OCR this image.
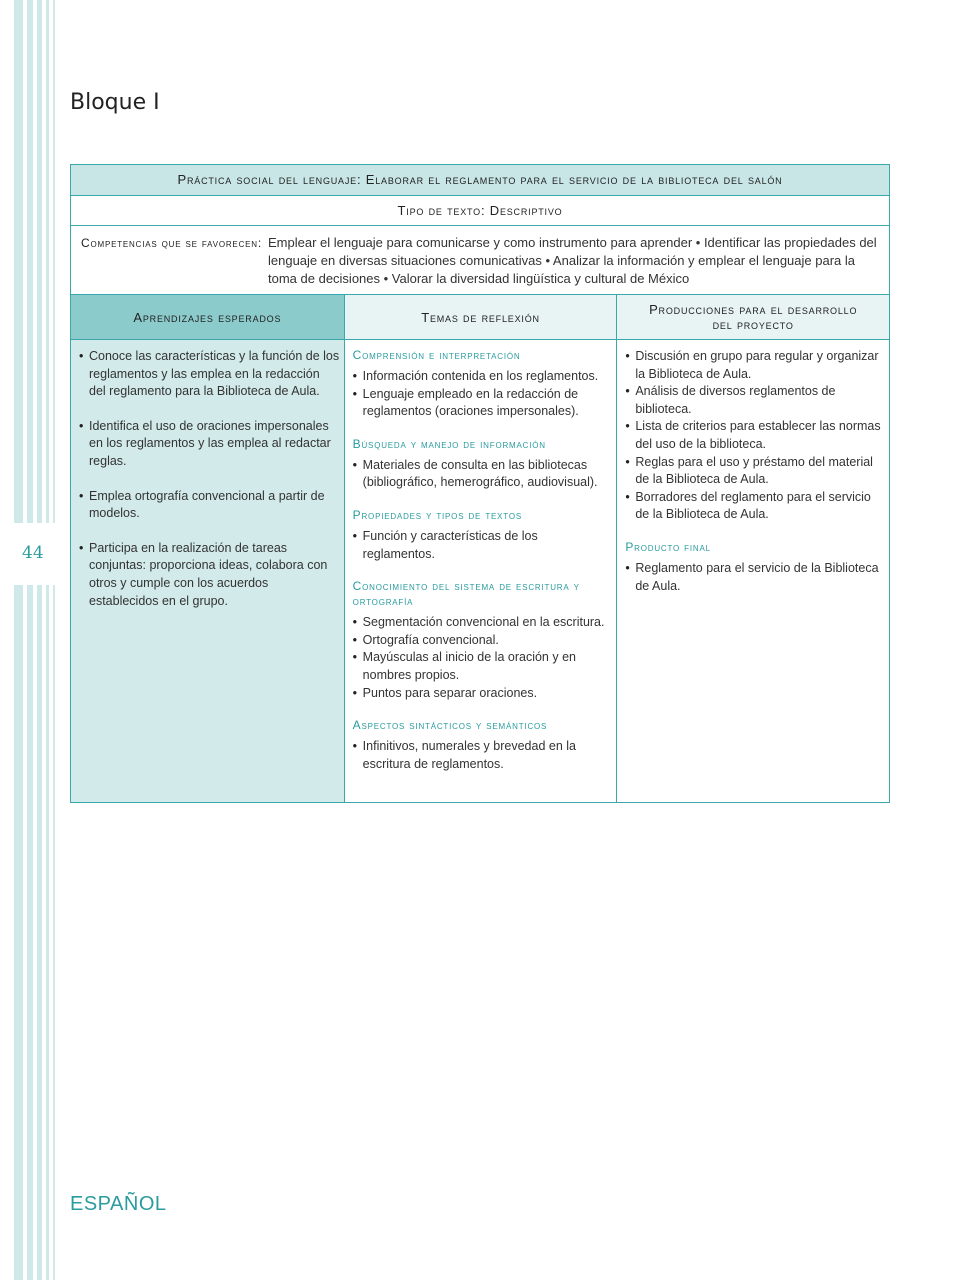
44
Bloque I
Práctica social del lenguaje: Elaborar el reglamento para el servicio de la biblioteca del salón
Tipo de texto: Descriptivo
Competencias que se favorecen: Emplear el lenguaje para comunicarse y como instrumento para aprender • Identificar las propiedades del lenguaje en diversas situaciones comunicativas • Analizar la información y emplear el lenguaje para la toma de decisiones • Valorar la diversidad lingüística y cultural de México
Aprendizajes esperados
• Conoce las características y la función de los reglamentos y las emplea en la redacción del reglamento para la Biblioteca de Aula.
• Identifica el uso de oraciones impersonales en los reglamentos y las emplea al redactar reglas.
• Emplea ortografía convencional a partir de modelos.
• Participa en la realización de tareas conjuntas: proporciona ideas, colabora con otros y cumple con los acuerdos establecidos en el grupo.
Temas de reflexión
Comprensión e interpretación
• Información contenida en los reglamentos.
• Lenguaje empleado en la redacción de reglamentos (oraciones impersonales).
Búsqueda y manejo de información
• Materiales de consulta en las bibliotecas (bibliográfico, hemerográfico, audiovisual).
Propiedades y tipos de textos
• Función y características de los reglamentos.
Conocimiento del sistema de escritura y ortografía
• Segmentación convencional en la escritura.
• Ortografía convencional.
• Mayúsculas al inicio de la oración y en nombres propios.
• Puntos para separar oraciones.
Aspectos sintácticos y semánticos
• Infinitivos, numerales y brevedad en la escritura de reglamentos.
Producciones para el desarrollo
del proyecto
• Discusión en grupo para regular y organizar la Biblioteca de Aula.
• Análisis de diversos reglamentos de biblioteca.
• Lista de criterios para establecer las normas del uso de la biblioteca.
• Reglas para el uso y préstamo del material de la Biblioteca de Aula.
• Borradores del reglamento para el servicio de la Biblioteca de Aula.
Producto final
• Reglamento para el servicio de la Biblioteca de Aula.
ESPAÑOL
